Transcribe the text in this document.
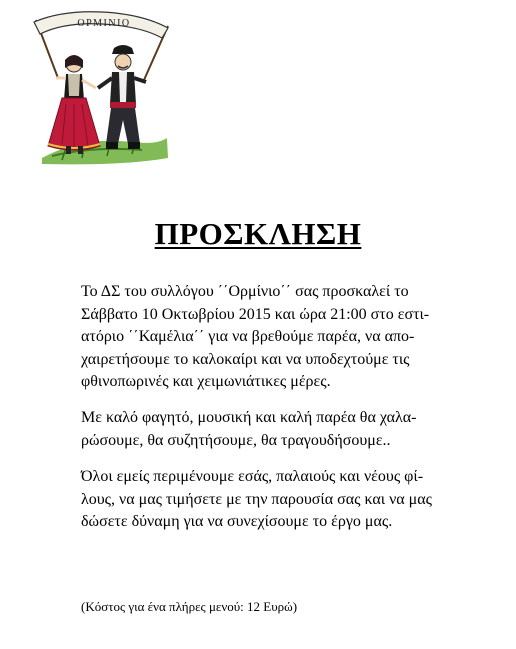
ΟΡΜΙΝΙΟ
ΠΡΟΣΚΛΗΣΗ
Το ΔΣ του συλλόγου ΄΄Ορμίνιο΄΄ σας προσκαλεί το
Σάββατο 10 Οκτωβρίου 2015 και ώρα 21:00 στο εστι-
ατόριο ΄΄Καμέλια΄΄ για να βρεθούμε παρέα, να απο-
χαιρετήσουμε το καλοκαίρι και να υποδεχτούμε τις
φθινοπωρινές και χειμωνιάτικες μέρες.
Με καλό φαγητό, μουσική και καλή παρέα θα χαλα-
ρώσουμε, θα συζητήσουμε, θα τραγουδήσουμε..
Όλοι εμείς περιμένουμε εσάς, παλαιούς και νέους φί-
λους, να μας τιμήσετε με την παρουσία σας και να μας
δώσετε δύναμη για να συνεχίσουμε το έργο μας.

(Κόστος για ένα πλήρες μενού: 12 Ευρώ)
